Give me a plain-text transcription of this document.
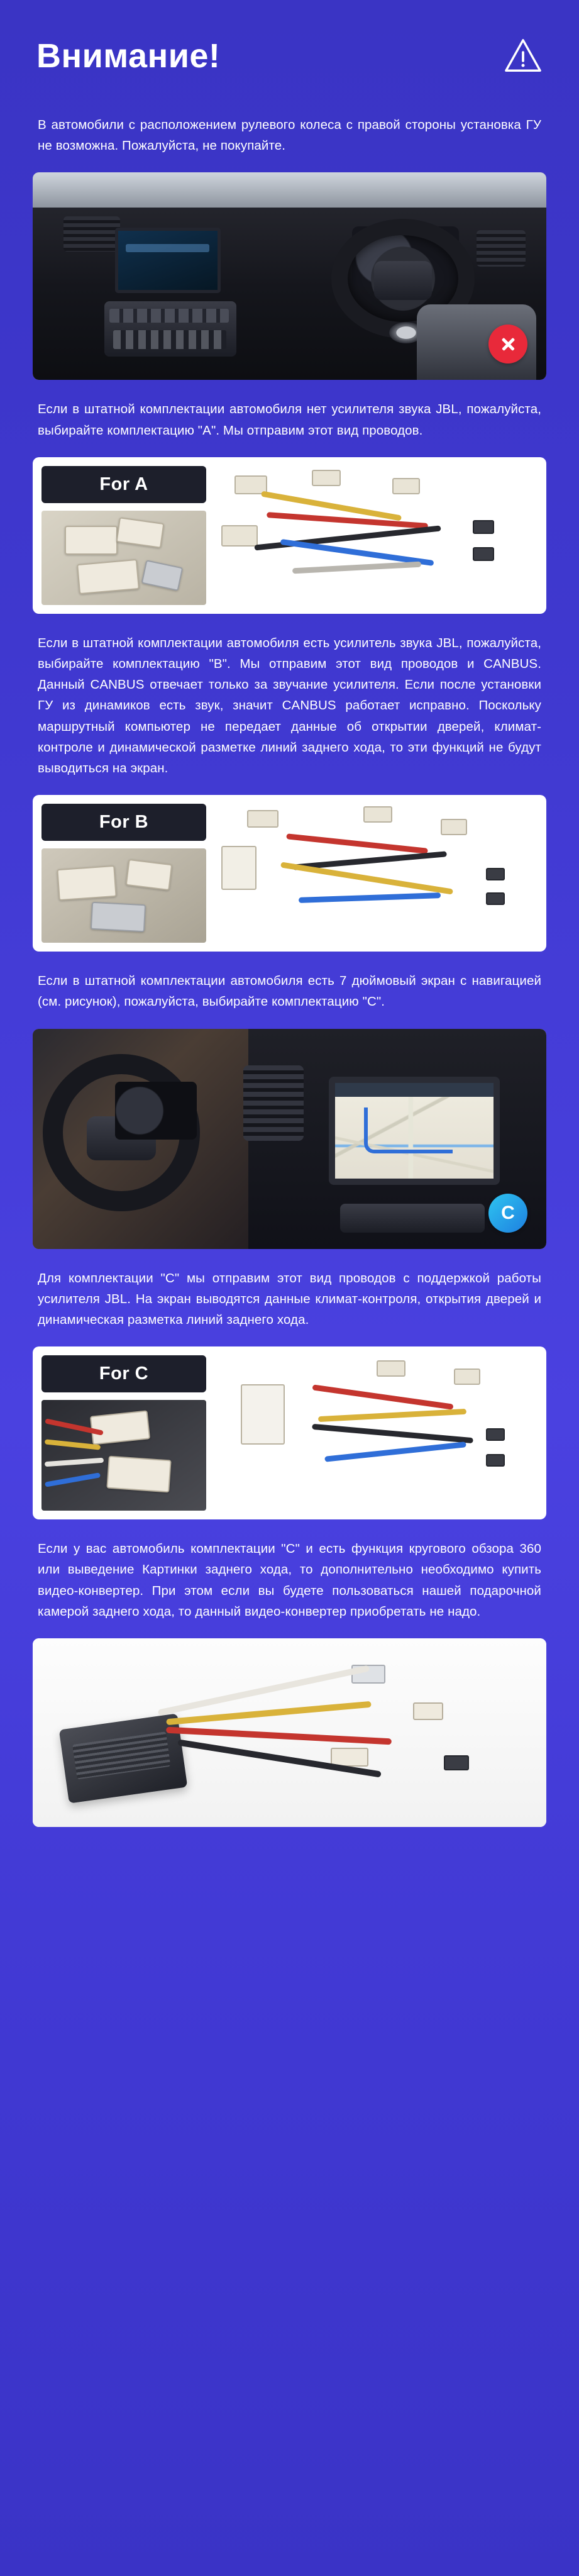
Внимание!

В автомобили с расположением рулевого колеса с правой стороны установка ГУ не возможна. Пожалуйста, не покупайте.

Если в штатной комплектации автомобиля нет усилителя звука JBL, пожалуйста, выбирайте комплектацию "A". Мы отправим этот вид проводов.

For A

Если в штатной комплектации автомобиля есть усилитель звука JBL, пожалуйста, выбирайте комплектацию "B". Мы отправим этот вид проводов и CANBUS. Данный CANBUS отвечает только за звучание усилителя. Если после установки ГУ из динамиков есть звук, значит CANBUS работает исправно. Поскольку маршрутный компьютер не передает данные об открытии дверей, климат-контроле и динамической разметке линий заднего хода, то эти функций не будут выводиться на экран.

For B

Если в штатной комплектации автомобиля есть 7 дюймовый экран с навигацией (см. рисунок), пожалуйста, выбирайте комплектацию "C".

C

Для комплектации "C" мы отправим этот вид проводов с поддержкой работы усилителя JBL. На экран выводятся данные климат-контроля, открытия дверей и динамическая разметка линий заднего хода.

For C

Если у вас автомобиль комплектации "C" и есть функция кругового обзора 360 или выведение Картинки заднего хода, то дополнительно необходимо купить видео-конвертер. При этом если вы будете пользоваться нашей подарочной камерой заднего хода, то данный видео-конвертер приобретать не надо.
